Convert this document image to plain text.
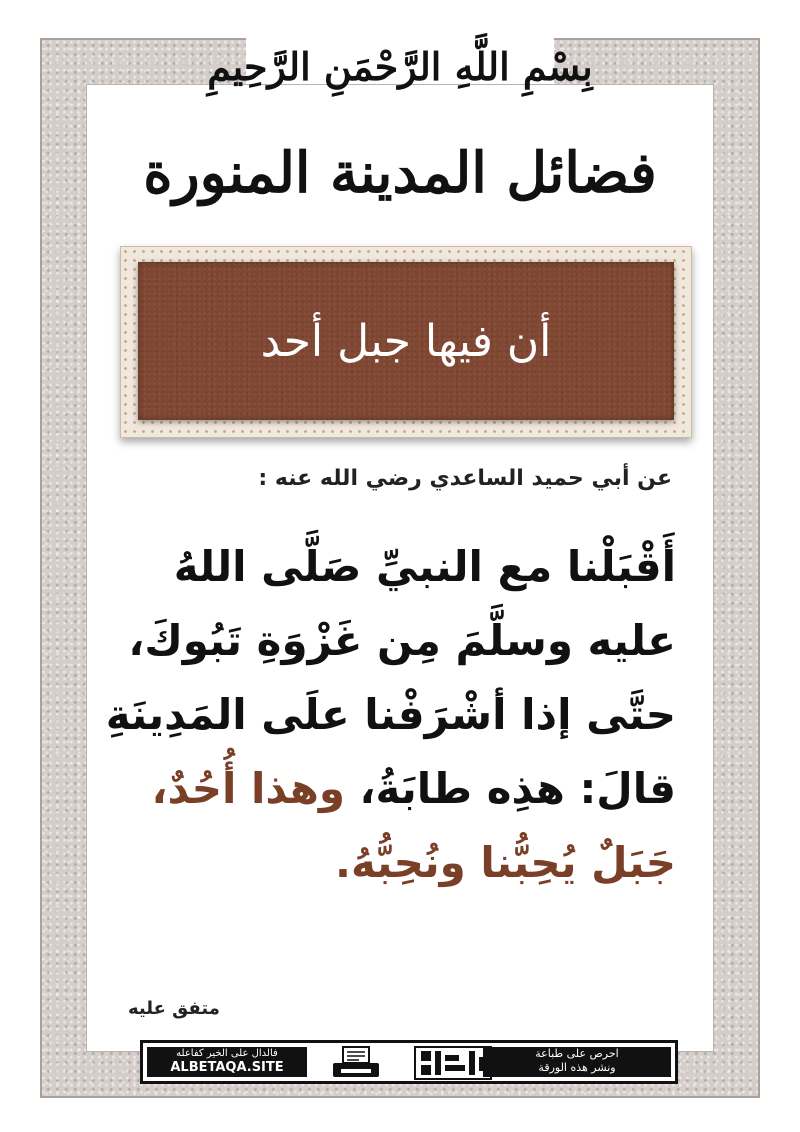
بِسْمِ اللَّهِ الرَّحْمَنِ الرَّحِيمِ
فضائل المدينة المنورة
أن فيها جبل أحد
عن أبي حميد الساعدي رضي الله عنه :
أَقْبَلْنا مع النبيِّ صَلَّى اللهُ
عليه وسلَّمَ مِن غَزْوَةِ تَبُوكَ،
حتَّى إذا أشْرَفْنا علَى المَدِينَةِ
قالَ: هذِه طابَةُ، وهذا أُحُدٌ،
جَبَلٌ يُحِبُّنا ونُحِبُّهُ.
متفق عليه
فالدال على الخير كفاعله
ALBETAQA.SITE
احرص على طباعة
ونشر هذه الورقة
